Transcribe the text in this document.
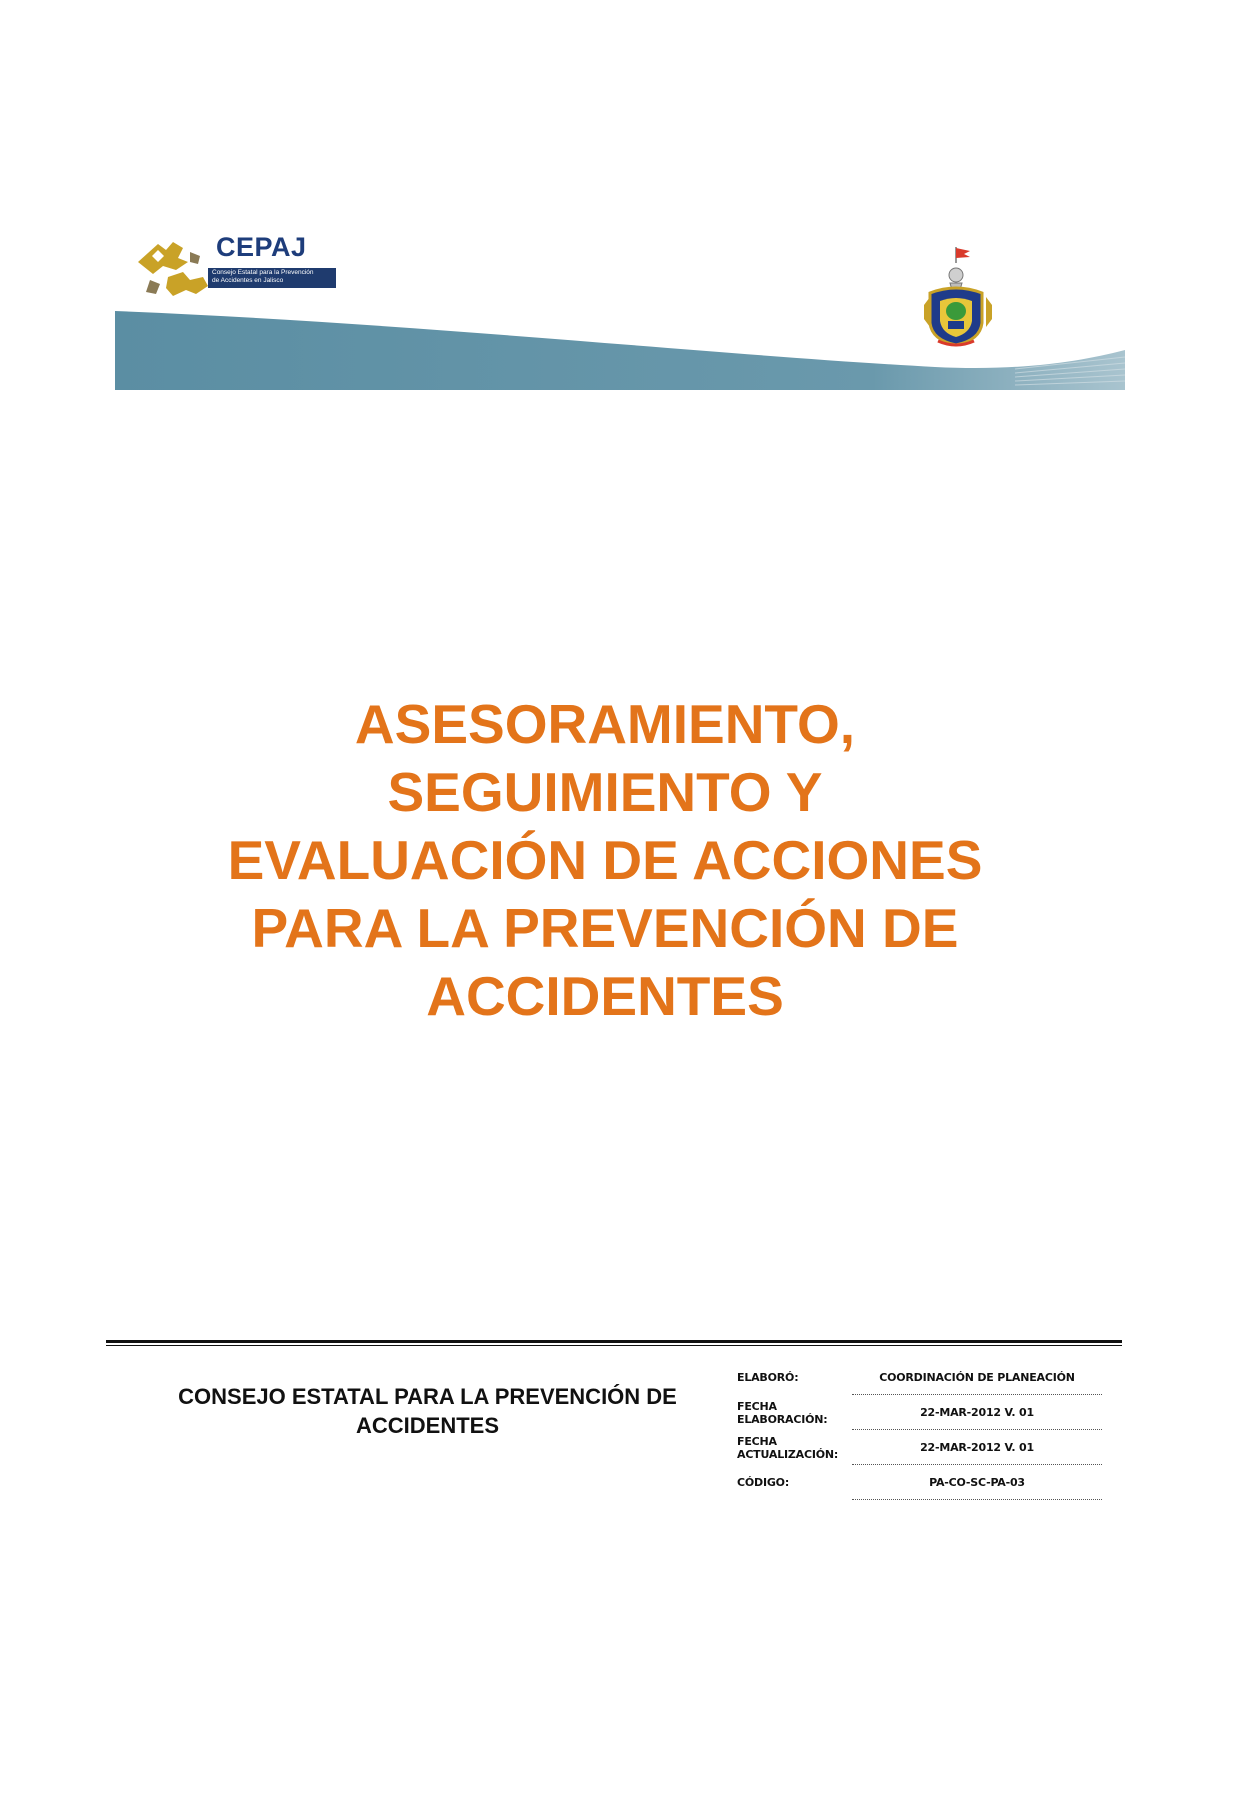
CEPAJ
Consejo Estatal para la Prevención
de Accidentes en Jalisco
ASESORAMIENTO,
SEGUIMIENTO Y
EVALUACIÓN DE ACCIONES
PARA LA PREVENCIÓN DE
ACCIDENTES
CONSEJO ESTATAL PARA LA PREVENCIÓN DE
ACCIDENTES
ELABORÓ:	COORDINACIÓN DE PLANEACIÓN
FECHA
ELABORACIÓN:	22-MAR-2012 V. 01
FECHA
ACTUALIZACIÓN:	22-MAR-2012 V. 01
CÓDIGO:	PA-CO-SC-PA-03
